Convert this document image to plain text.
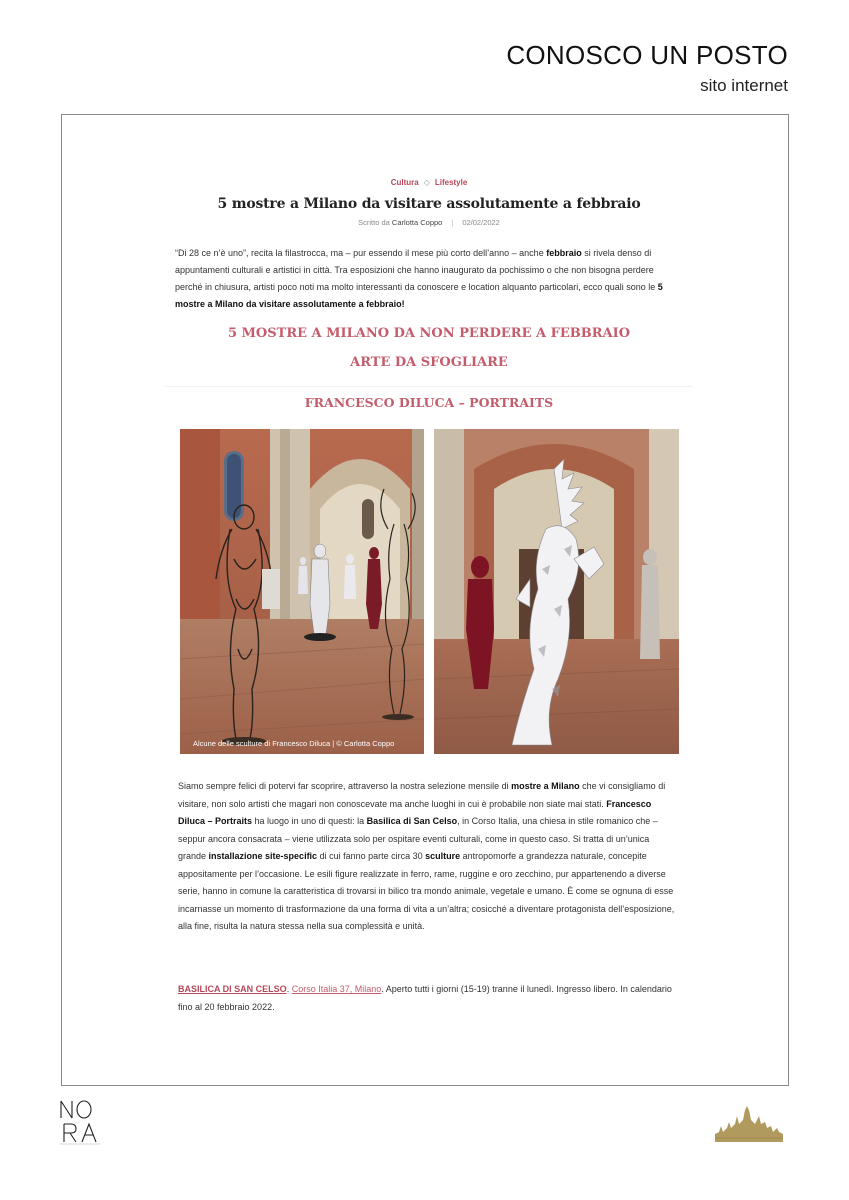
CONOSCO UN POSTO
sito internet
Cultura ◇ Lifestyle
5 mostre a Milano da visitare assolutamente a febbraio
Scritto da Carlotta Coppo | 02/02/2022

“Di 28 ce n’è uno”, recita la filastrocca, ma – pur essendo il mese più corto dell’anno – anche febbraio si rivela denso di appuntamenti culturali e artistici in città. Tra esposizioni che hanno inaugurato da pochissimo o che non bisogna perdere perché in chiusura, artisti poco noti ma molto interessanti da conoscere e location alquanto particolari, ecco quali sono le 5 mostre a Milano da visitare assolutamente a febbraio!

5 MOSTRE A MILANO DA NON PERDERE A FEBBRAIO
ARTE DA SFOGLIARE
FRANCESCO DILUCA – PORTRAITS
Alcune delle sculture di Francesco Diluca | © Carlotta Coppo

Siamo sempre felici di potervi far scoprire, attraverso la nostra selezione mensile di mostre a Milano che vi consigliamo di visitare, non solo artisti che magari non conoscevate ma anche luoghi in cui è probabile non siate mai stati. Francesco Diluca – Portraits ha luogo in uno di questi: la Basilica di San Celso, in Corso Italia, una chiesa in stile romanico che – seppur ancora consacrata – viene utilizzata solo per ospitare eventi culturali, come in questo caso. Si tratta di un’unica grande installazione site-specific di cui fanno parte circa 30 sculture antropomorfe a grandezza naturale, concepite appositamente per l’occasione. Le esili figure realizzate in ferro, rame, ruggine e oro zecchino, pur appartenendo a diverse serie, hanno in comune la caratteristica di trovarsi in bilico tra mondo animale, vegetale e umano. È come se ognuna di esse incarnasse un momento di trasformazione da una forma di vita a un’altra; cosicché a diventare protagonista dell’esposizione, alla fine, risulta la natura stessa nella sua complessità e unità.

BASILICA DI SAN CELSO. Corso Italia 37, Milano. Aperto tutti i giorni (15-19) tranne il lunedì. Ingresso libero. In calendario fino al 20 febbraio 2022.
